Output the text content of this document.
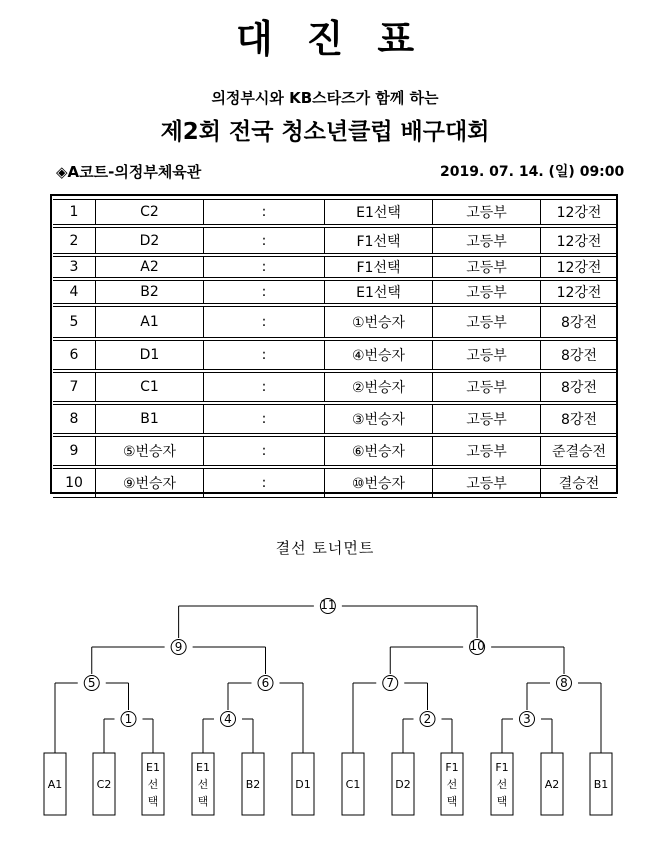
대진표
의정부시와 KB스타즈가 함께 하는
제2회 전국 청소년클럽 배구대회
◈A코트-의정부체육관	2019. 07. 14. (일) 09:00
1	C2	:	E1선택	고등부	12강전
2	D2	:	F1선택	고등부	12강전
3	A2	:	F1선택	고등부	12강전
4	B2	:	E1선택	고등부	12강전
5	A1	:	①번승자	고등부	8강전
6	D1	:	④번승자	고등부	8강전
7	C1	:	②번승자	고등부	8강전
8	B1	:	③번승자	고등부	8강전
9	⑤번승자	:	⑥번승자	고등부	준결승전
10	⑨번승자	:	⑩번승자	고등부	결승전
결선 토너먼트
1	4	2	3
5	6	7	8
9	10
11
A1	C2
E1
선
택
E1
선
택
B2	D1	C1	D2
F1
선
택
F1
선
택
A2	B1
